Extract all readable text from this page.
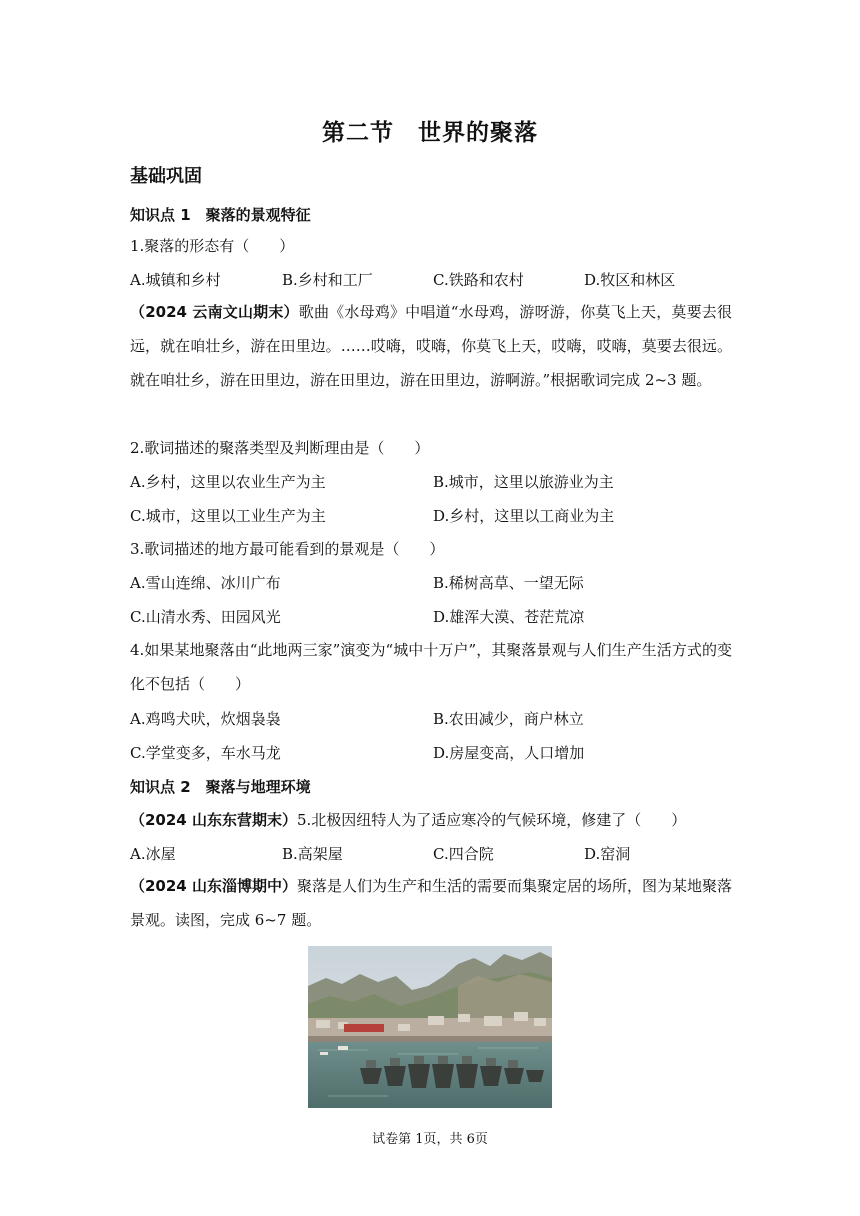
第二节　世界的聚落
基础巩固
知识点 1　聚落的景观特征
1.聚落的形态有（　　）
A.城镇和乡村	B.乡村和工厂	C.铁路和农村	D.牧区和林区
（2024 云南文山期末）歌曲《水母鸡》中唱道“水母鸡，游呀游，你莫飞上天，莫要去很远，就在咱壮乡，游在田里边。……哎嗨，哎嗨，你莫飞上天，哎嗨，哎嗨，莫要去很远。就在咱壮乡，游在田里边，游在田里边，游在田里边，游啊游。”根据歌词完成 2~3 题。
2.歌词描述的聚落类型及判断理由是（　　）
A.乡村，这里以农业生产为主	B.城市，这里以旅游业为主
C.城市，这里以工业生产为主	D.乡村，这里以工商业为主
3.歌词描述的地方最可能看到的景观是（　　）
A.雪山连绵、冰川广布	B.稀树高草、一望无际
C.山清水秀、田园风光	D.雄浑大漠、苍茫荒凉
4.如果某地聚落由“此地两三家”演变为“城中十万户”，其聚落景观与人们生产生活方式的变化不包括（　　）
A.鸡鸣犬吠，炊烟袅袅	B.农田减少，商户林立
C.学堂变多，车水马龙	D.房屋变高，人口增加
知识点 2　聚落与地理环境
（2024 山东东营期末）5.北极因纽特人为了适应寒冷的气候环境，修建了（　　）
A.冰屋	B.高架屋	C.四合院	D.窑洞
（2024 山东淄博期中）聚落是人们为生产和生活的需要而集聚定居的场所，图为某地聚落景观。读图，完成 6~7 题。
试卷第 1页，共 6页
